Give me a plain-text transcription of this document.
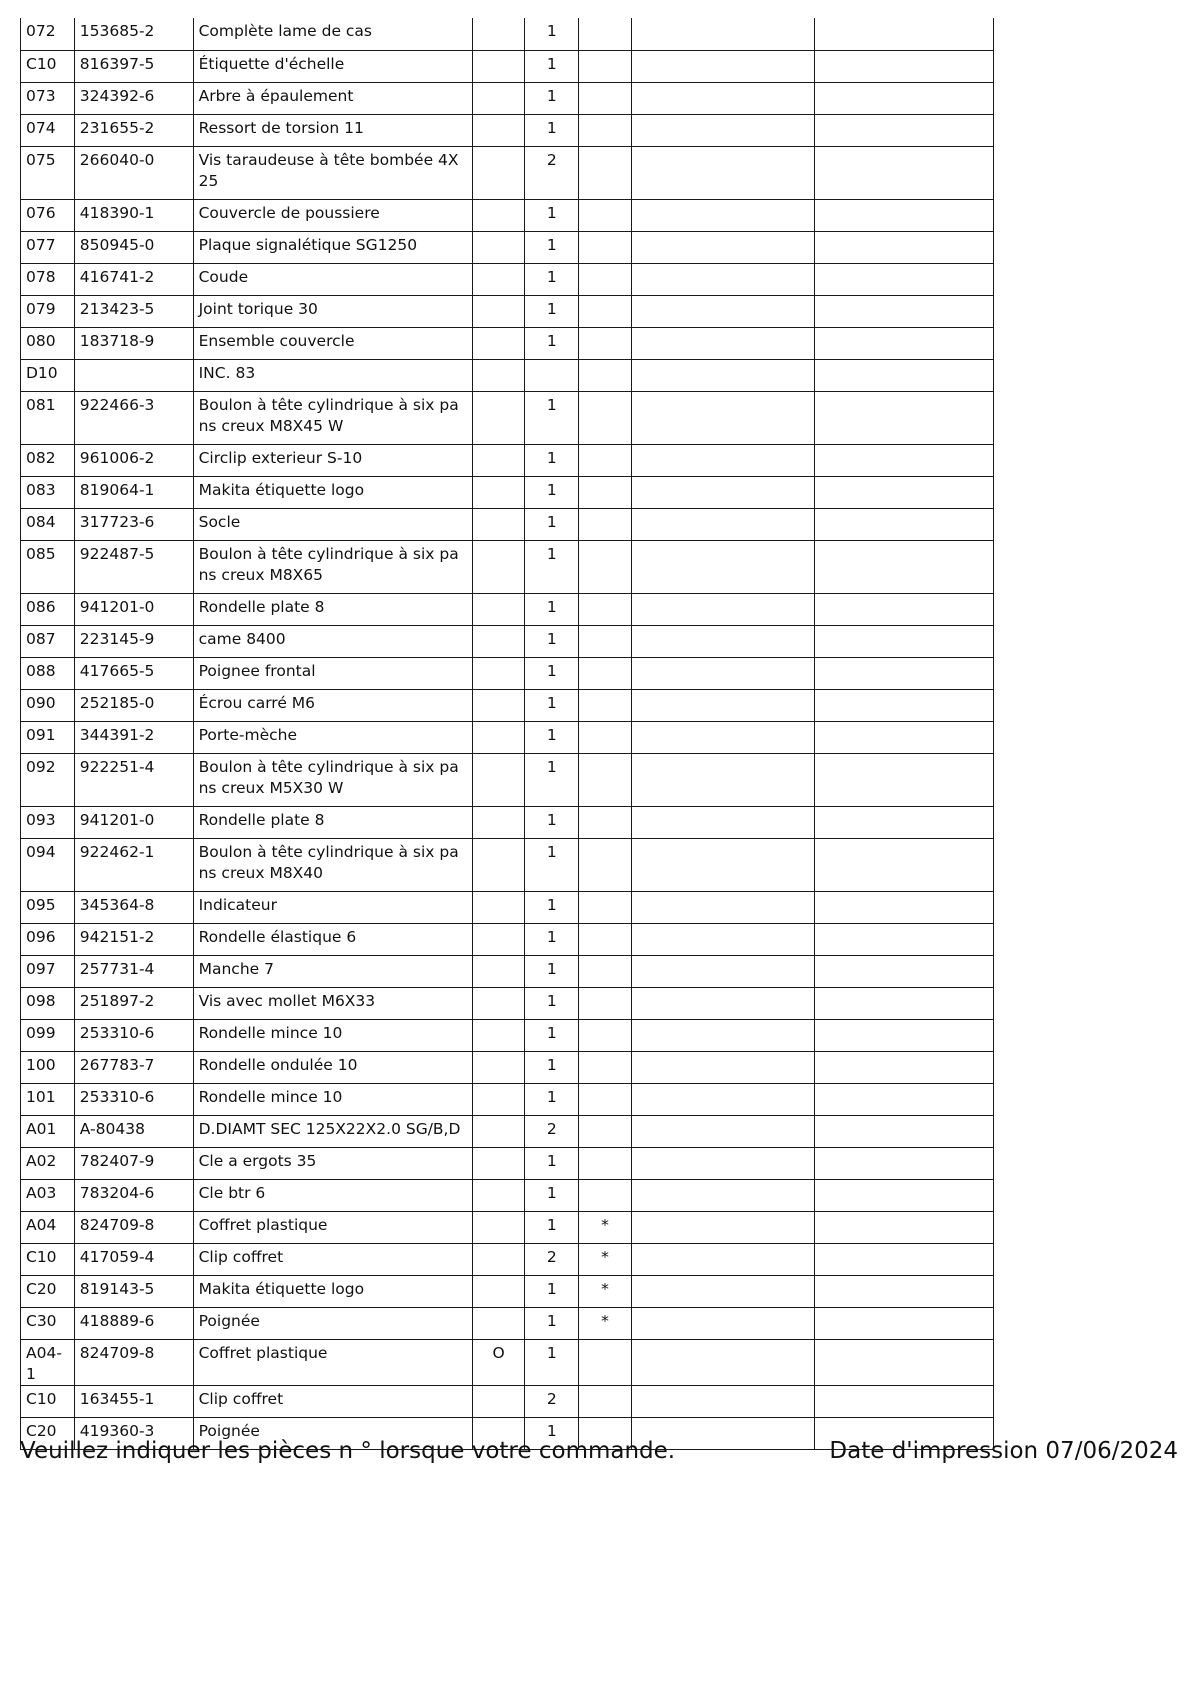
072	153685-2	Complète lame de cas		1			
C10	816397-5	Étiquette d'échelle		1			
073	324392-6	Arbre à épaulement		1			
074	231655-2	Ressort de torsion 11		1			
075	266040-0	Vis taraudeuse à tête bombée 4X 25		2			
076	418390-1	Couvercle de poussiere		1			
077	850945-0	Plaque signalétique SG1250		1			
078	416741-2	Coude		1			
079	213423-5	Joint torique 30		1			
080	183718-9	Ensemble couvercle		1			
D10		INC. 83					
081	922466-3	Boulon à tête cylindrique à six pa ns creux M8X45 W		1			
082	961006-2	Circlip exterieur S-10		1			
083	819064-1	Makita étiquette logo		1			
084	317723-6	Socle		1			
085	922487-5	Boulon à tête cylindrique à six pa ns creux M8X65		1			
086	941201-0	Rondelle plate 8		1			
087	223145-9	came 8400		1			
088	417665-5	Poignee frontal		1			
090	252185-0	Écrou carré M6		1			
091	344391-2	Porte-mèche		1			
092	922251-4	Boulon à tête cylindrique à six pa ns creux M5X30 W		1			
093	941201-0	Rondelle plate 8		1			
094	922462-1	Boulon à tête cylindrique à six pa ns creux M8X40		1			
095	345364-8	Indicateur		1			
096	942151-2	Rondelle élastique 6		1			
097	257731-4	Manche 7		1			
098	251897-2	Vis avec mollet M6X33		1			
099	253310-6	Rondelle mince 10		1			
100	267783-7	Rondelle ondulée 10		1			
101	253310-6	Rondelle mince 10		1			
A01	A-80438	D.DIAMT SEC 125X22X2.0 SG/B,D		2			
A02	782407-9	Cle a ergots 35		1			
A03	783204-6	Cle btr 6		1			
A04	824709-8	Coffret plastique		1	*		
C10	417059-4	Clip coffret		2	*		
C20	819143-5	Makita étiquette logo		1	*		
C30	418889-6	Poignée		1	*		
A04-1	824709-8	Coffret plastique	O	1			
C10	163455-1	Clip coffret		2			
C20	419360-3	Poignée		1			
Veuillez indiquer les pièces n ° lorsque votre commande.	Date d'impression 07/06/2024
